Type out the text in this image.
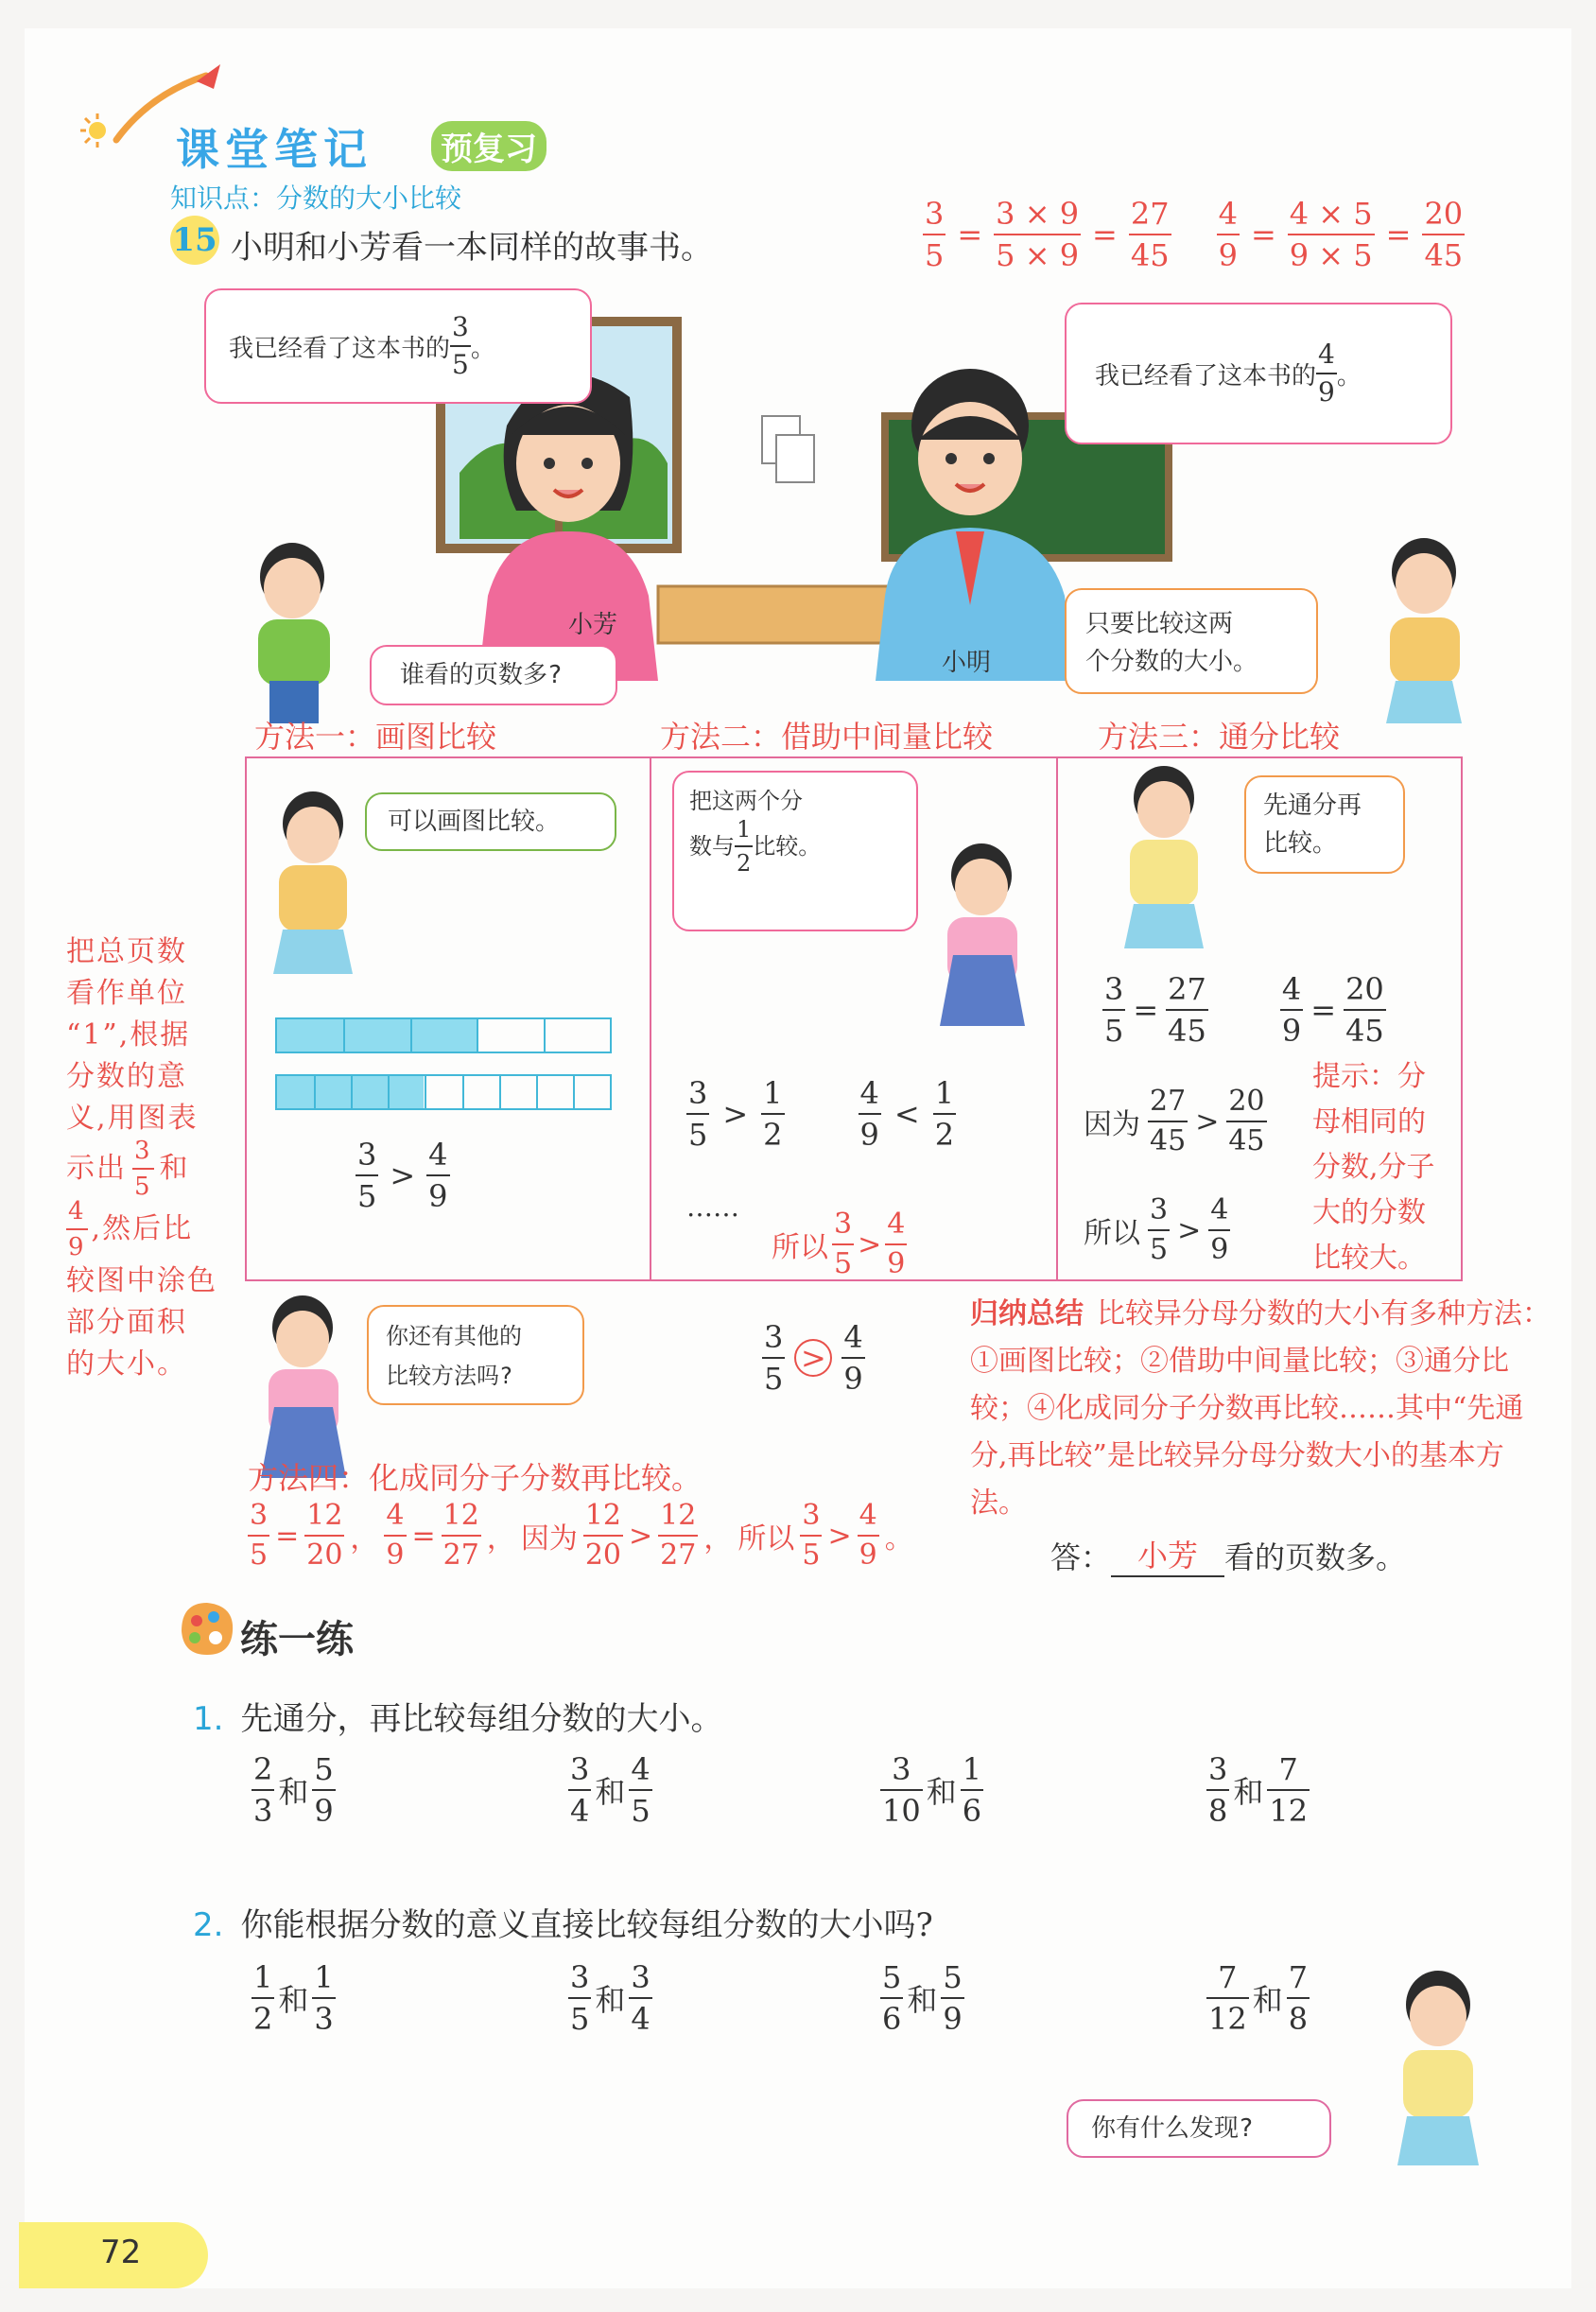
课堂笔记 预复习
知识点：分数的大小比较
15 小明和小芳看一本同样的故事书。	$\frac{3}{5} = \frac{3 \times 9}{5 \times 9} = \frac{27}{45} \frac{4}{9} = \frac{4 \times 5}{9 \times 5} = \frac{20}{45}$
我已经看了这本书的 $\frac{3}{5}$ 。
我已经看了这本书的 $\frac{4}{9}$ 。
小芳
小明
谁看的页数多?
只要比较这两
个分数的大小。
方法一：画图比较	方法二：借助中间量比较	方法三：通分比较
可以画图比较。
$\frac{3}{5} > \frac{4}{9}$
把这两个分
数与 $\frac{1}{2}$ 比较。
$\frac{3}{5} > \frac{1}{2} \frac{4}{9} < \frac{1}{2}$
……
所以 $\frac{3}{5} > \frac{4}{9}$
先通分再
比较。
$\frac{3}{5} = \frac{27}{45} \frac{4}{9} = \frac{20}{45}$
因为 $\frac{27}{45} > \frac{20}{45}$
所以 $\frac{3}{5} > \frac{4}{9}$
提示：分
母相同的
分数,分子
大的分数
比较大。
把总页数
看作单位
“1”,根据
分数的意
义,用图表
示出 $\frac{3}{5}$ 和
$\frac{4}{9}$ ,然后比
较图中涂色
部分面积
的大小。
你还有其他的
比较方法吗?	$\frac{3}{5} > \frac{4}{9}$
方法四：化成同分子分数再比较。
$\frac{3}{5} = \frac{12}{20}$ ， $\frac{4}{9} = \frac{12}{27}$ ， 因为 $\frac{12}{20} > \frac{12}{27}$ ， 所以 $\frac{3}{5} > \frac{4}{9}$ 。
归纳总结 比较异分母分数的大小有多种方法：①画图比较；②借助中间量比较；③通分比较；④化成同分子分数再比较……其中“先通分,再比较”是比较异分母分数大小的基本方法。
答： 小芳 看的页数多。
练一练
1. 先通分，再比较每组分数的大小。
$\frac{2}{3}$ 和 $\frac{5}{9}$	$\frac{3}{4}$ 和 $\frac{4}{5}$	$\frac{3}{10}$ 和 $\frac{1}{6}$	$\frac{3}{8}$ 和 $\frac{7}{12}$
2. 你能根据分数的意义直接比较每组分数的大小吗?
$\frac{1}{2}$ 和 $\frac{1}{3}$	$\frac{3}{5}$ 和 $\frac{3}{4}$	$\frac{5}{6}$ 和 $\frac{5}{9}$	$\frac{7}{12}$ 和 $\frac{7}{8}$
你有什么发现?
72
